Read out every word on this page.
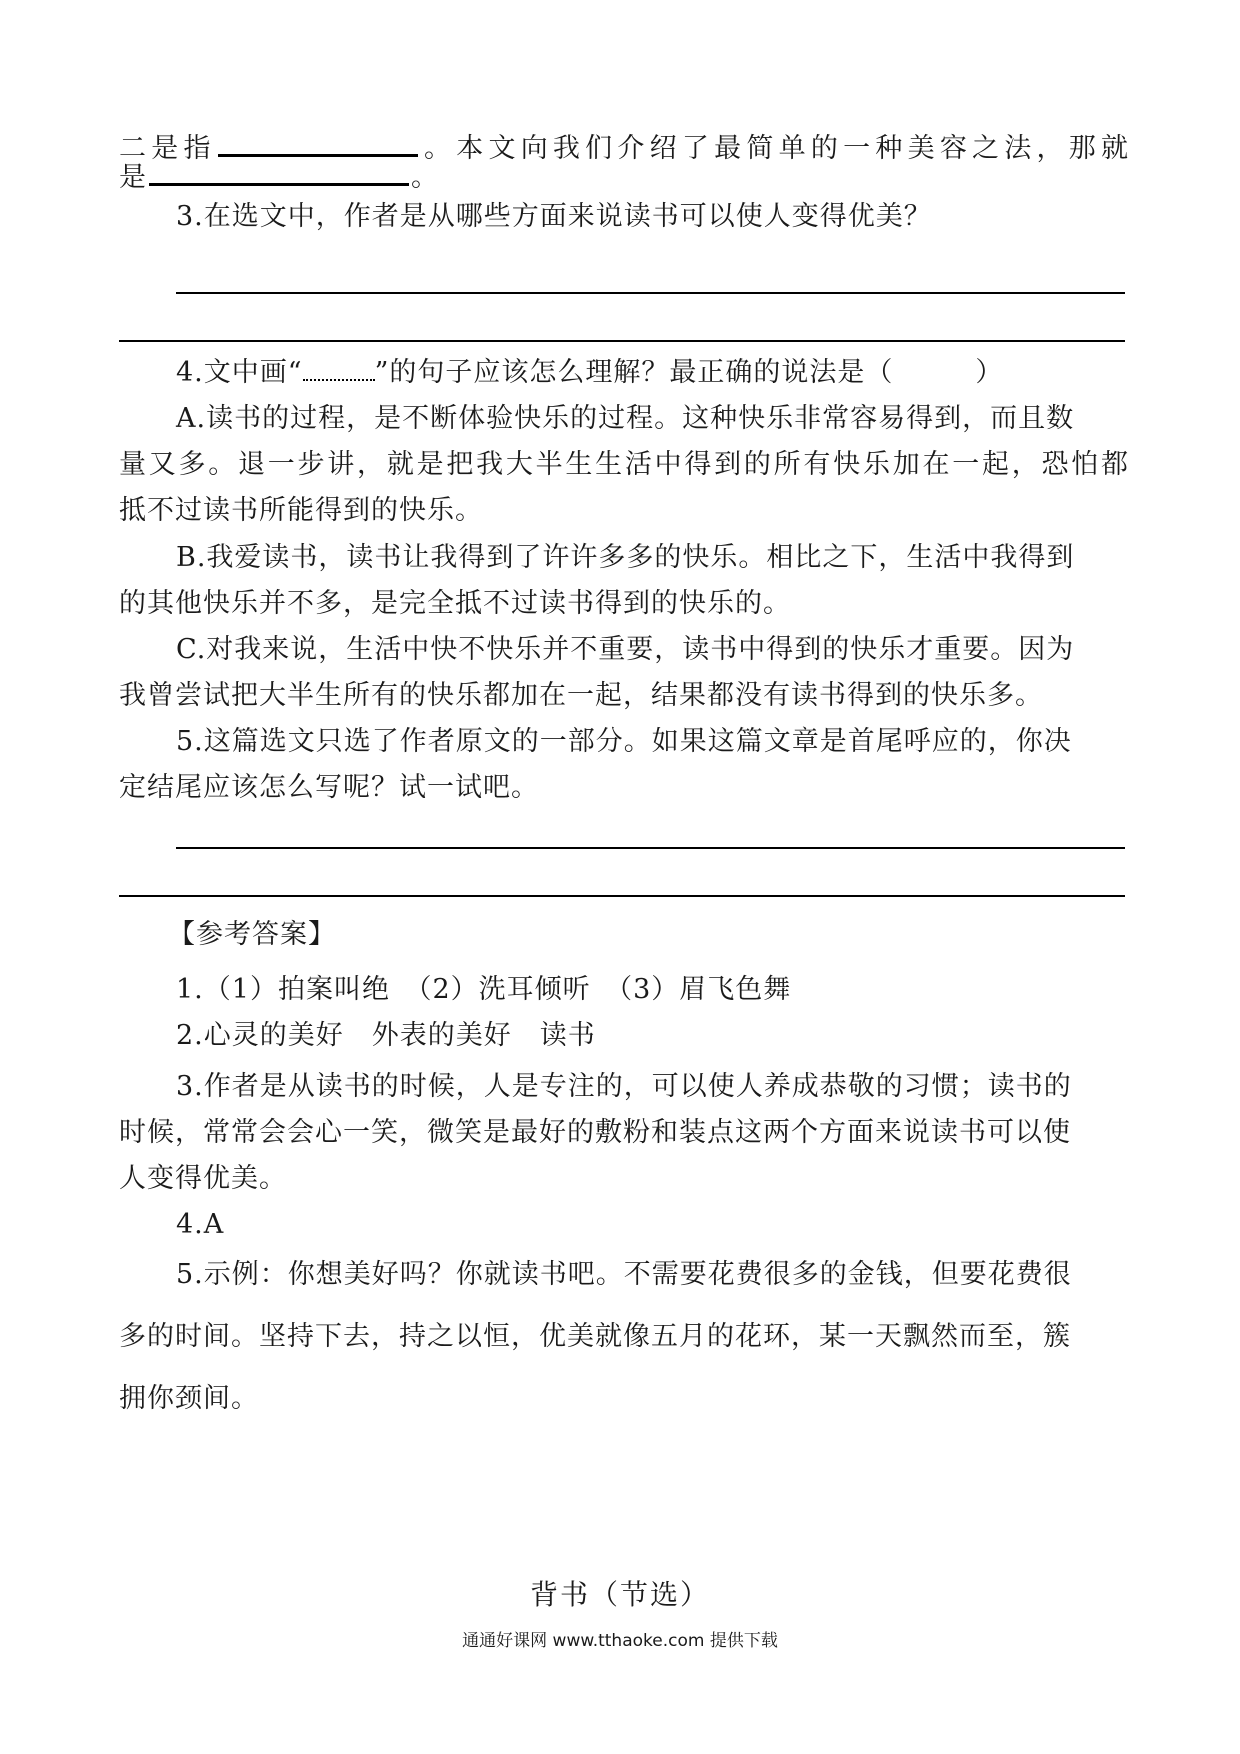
二是指	。本文向我们介绍了最简单的一种美容之法，那就
是	。
3.在选文中，作者是从哪些方面来说读书可以使人变得优美？
4.文中画“	”的句子应该怎么理解？最正确的说法是（	）
A.读书的过程，是不断体验快乐的过程。这种快乐非常容易得到，而且数
量又多。退一步讲，就是把我大半生生活中得到的所有快乐加在一起，恐怕都
抵不过读书所能得到的快乐。
B.我爱读书，读书让我得到了许许多多的快乐。相比之下，生活中我得到
的其他快乐并不多，是完全抵不过读书得到的快乐的。
C.对我来说，生活中快不快乐并不重要，读书中得到的快乐才重要。因为
我曾尝试把大半生所有的快乐都加在一起，结果都没有读书得到的快乐多。
5.这篇选文只选了作者原文的一部分。如果这篇文章是首尾呼应的，你决
定结尾应该怎么写呢？试一试吧。
【参考答案】
1.（1）拍案叫绝　（2）洗耳倾听　（3）眉飞色舞
2.心灵的美好　外表的美好　读书
3.作者是从读书的时候，人是专注的，可以使人养成恭敬的习惯；读书的
时候，常常会会心一笑，微笑是最好的敷粉和装点这两个方面来说读书可以使
人变得优美。
4.A
5.示例：你想美好吗？你就读书吧。不需要花费很多的金钱，但要花费很
多的时间。坚持下去，持之以恒，优美就像五月的花环，某一天飘然而至，簇
拥你颈间。
背书（节选）
通通好课网 www.tthaoke.com 提供下载
